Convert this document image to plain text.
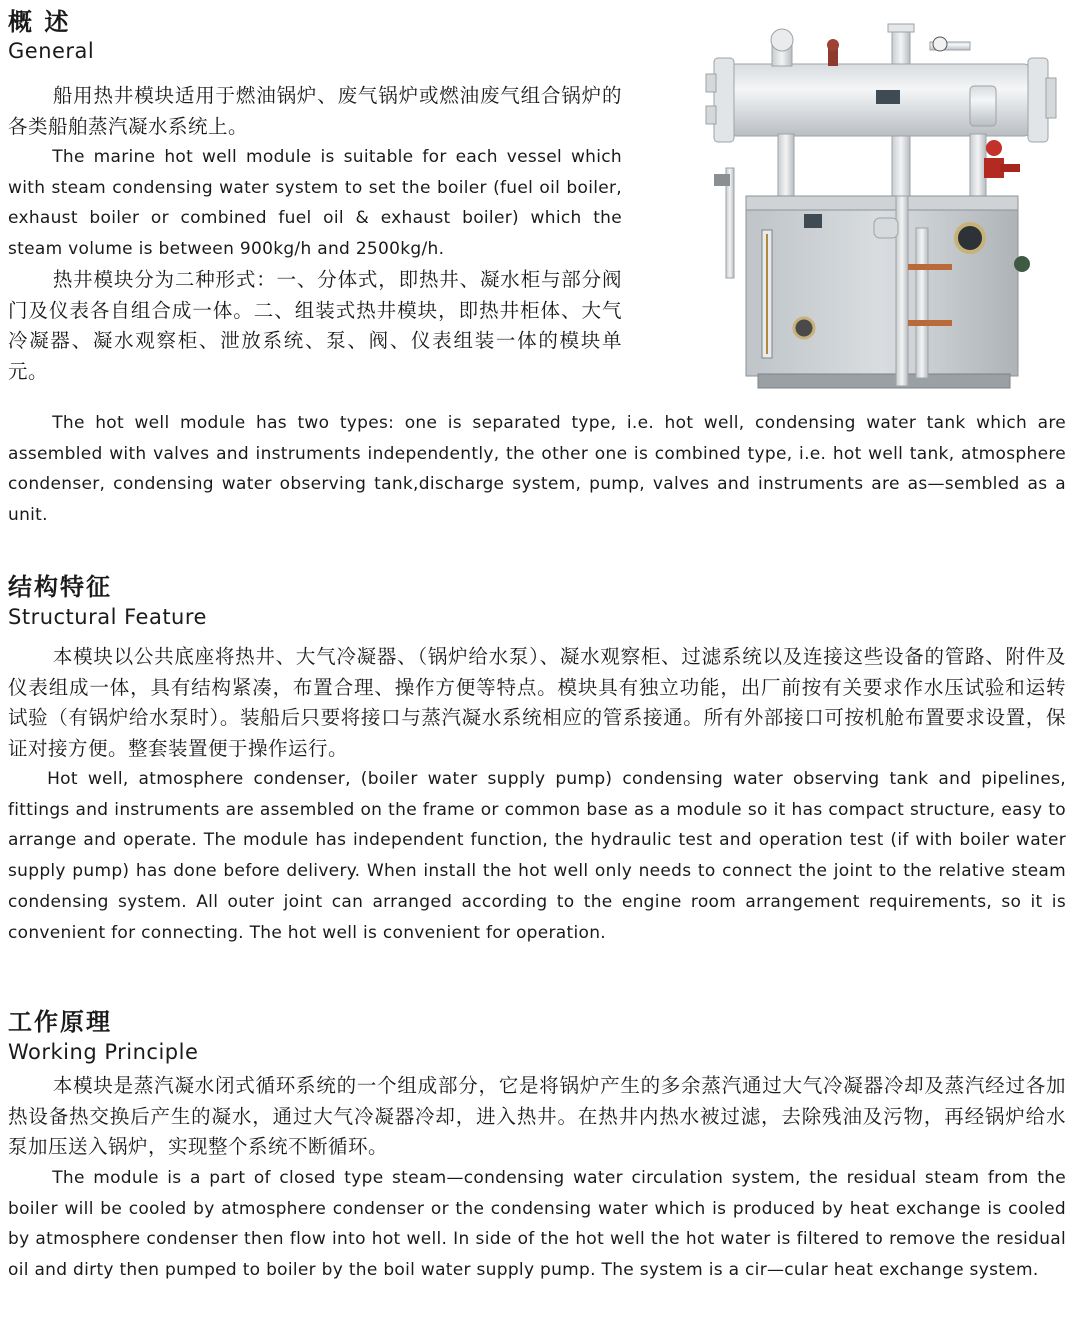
概 述
General

船用热井模块适用于燃油锅炉、废气锅炉或燃油废气组合锅炉的各类船舶蒸汽凝水系统上。

The marine hot well module is suitable for each vessel which with steam condensing water system to set the boiler (fuel oil boiler, exhaust boiler or combined fuel oil & exhaust boiler) which the steam volume is between 900kg/h and 2500kg/h.

热井模块分为二种形式：一、分体式，即热井、凝水柜与部分阀门及仪表各自组合成一体。二、组装式热井模块，即热井柜体、大气冷凝器、凝水观察柜、泄放系统、泵、阀、仪表组装一体的模块单元。

The hot well module has two types: one is separated type, i.e. hot well, condensing water tank which are assembled with valves and instruments independently, the other one is combined type, i.e. hot well tank, atmosphere condenser, condensing water observing tank,discharge system, pump, valves and instruments are as—sembled as a unit.

结构特征
Structural Feature

本模块以公共底座将热井、大气冷凝器、（锅炉给水泵）、凝水观察柜、过滤系统以及连接这些设备的管路、附件及仪表组成一体，具有结构紧凑，布置合理、操作方便等特点。模块具有独立功能，出厂前按有关要求作水压试验和运转试验（有锅炉给水泵时）。装船后只要将接口与蒸汽凝水系统相应的管系接通。所有外部接口可按机舱布置要求设置，保证对接方便。整套装置便于操作运行。

Hot well, atmosphere condenser, (boiler water supply pump) condensing water observing tank and pipelines, fittings and instruments are assembled on the frame or common base as a module so it has compact structure, easy to arrange and operate. The module has independent function, the hydraulic test and operation test (if with boiler water supply pump) has done before delivery. When install the hot well only needs to connect the joint to the relative steam condensing system. All outer joint can arranged according to the engine room arrangement requirements, so it is convenient for connecting. The hot well is convenient for operation.

工作原理
Working Principle

本模块是蒸汽凝水闭式循环系统的一个组成部分，它是将锅炉产生的多余蒸汽通过大气冷凝器冷却及蒸汽经过各加热设备热交换后产生的凝水，通过大气冷凝器冷却，进入热井。在热井内热水被过滤，去除残油及污物，再经锅炉给水泵加压送入锅炉，实现整个系统不断循环。

The module is a part of closed type steam—condensing water circulation system, the residual steam from the boiler will be cooled by atmosphere condenser or the condensing water which is produced by heat exchange is cooled by atmosphere condenser then flow into hot well. In side of the hot well the hot water is filtered to remove the residual oil and dirty then pumped to boiler by the boil water supply pump. The system is a cir—cular heat exchange system.
